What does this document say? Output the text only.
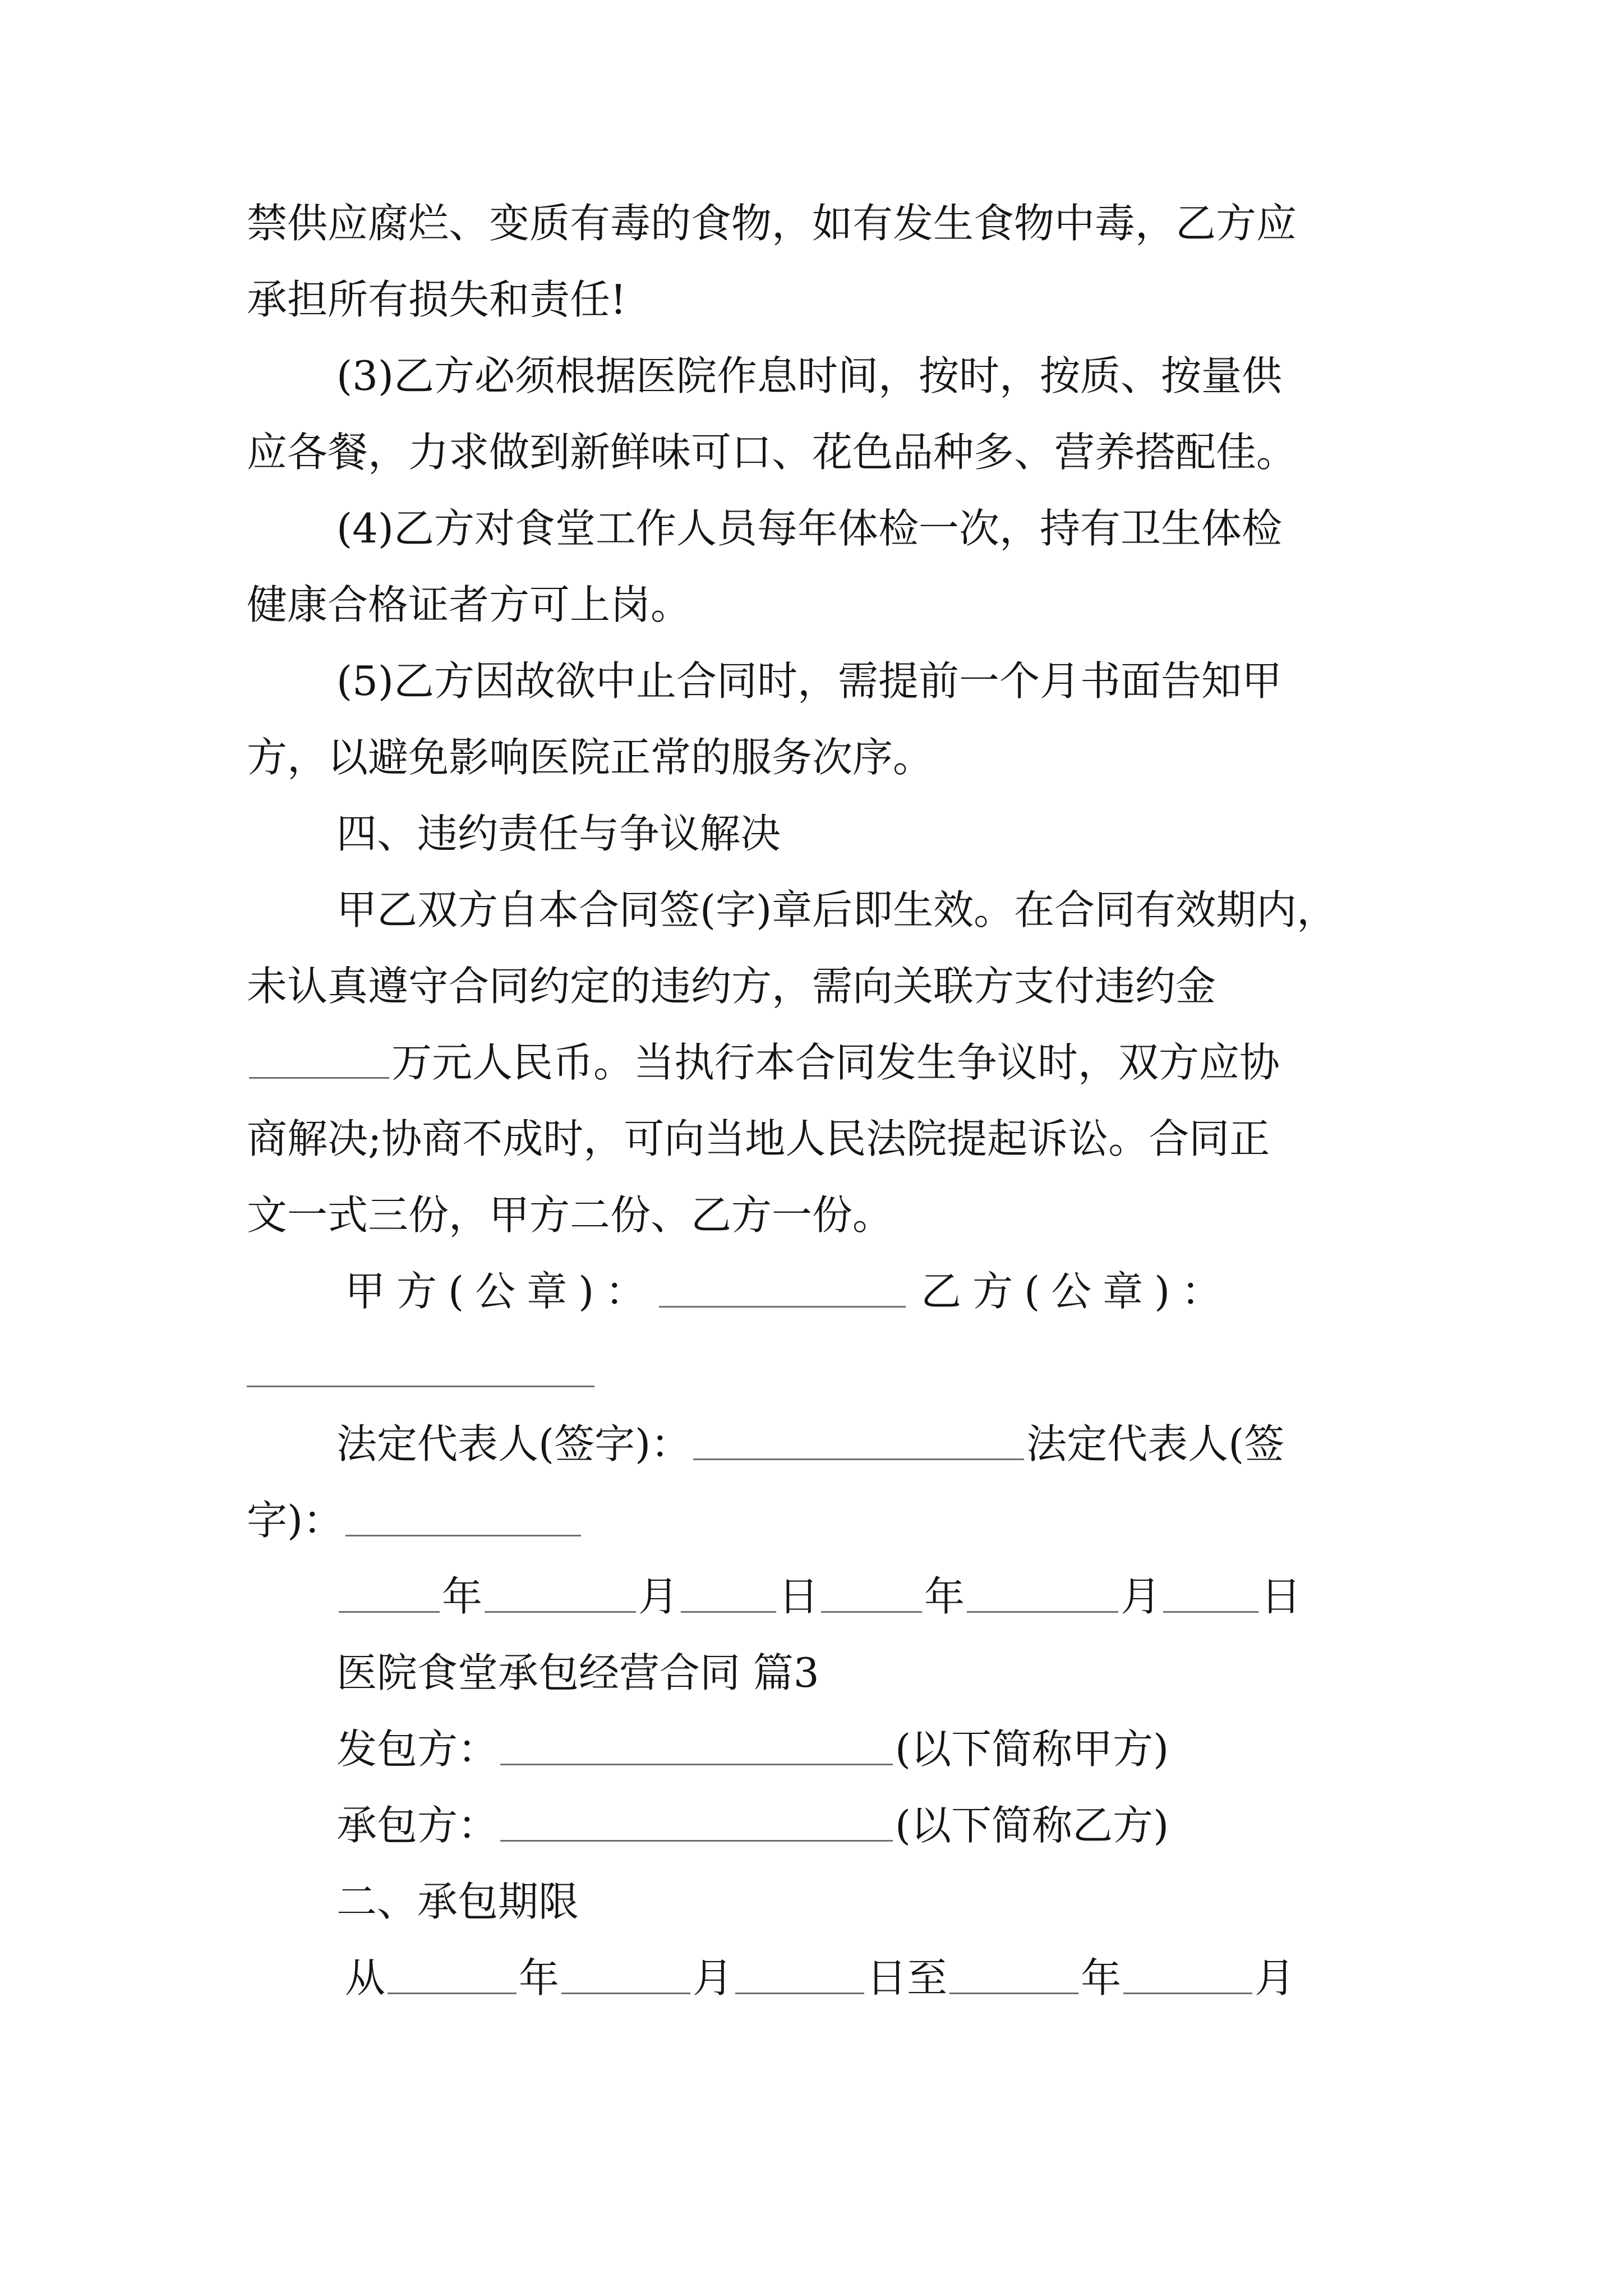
禁供应腐烂、变质有毒的食物，如有发生食物中毒，乙方应
承担所有损失和责任!
(3)乙方必须根据医院作息时间，按时，按质、按量供
应各餐，力求做到新鲜味可口、花色品种多、营养搭配佳。
(4)乙方对食堂工作人员每年体检一次，持有卫生体检
健康合格证者方可上岗。
(5)乙方因故欲中止合同时，需提前一个月书面告知甲
方，以避免影响医院正常的服务次序。
四、违约责任与争议解决
甲乙双方自本合同签(字)章后即生效。在合同有效期内，
未认真遵守合同约定的违约方，需向关联方支付违约金
万元人民币。当执行本合同发生争议时，双方应协
商解决;协商不成时，可向当地人民法院提起诉讼。合同正
文一式三份，甲方二份、乙方一份。
甲方(公章)：	乙方(公章)：
法定代表人(签字)：	法定代表人(签
字)：
年	月 日	年	月 日
医院食堂承包经营合同 篇3
发包方：	(以下简称甲方)
承包方：	(以下简称乙方)
二、承包期限
从	年	月	日至	年	月
